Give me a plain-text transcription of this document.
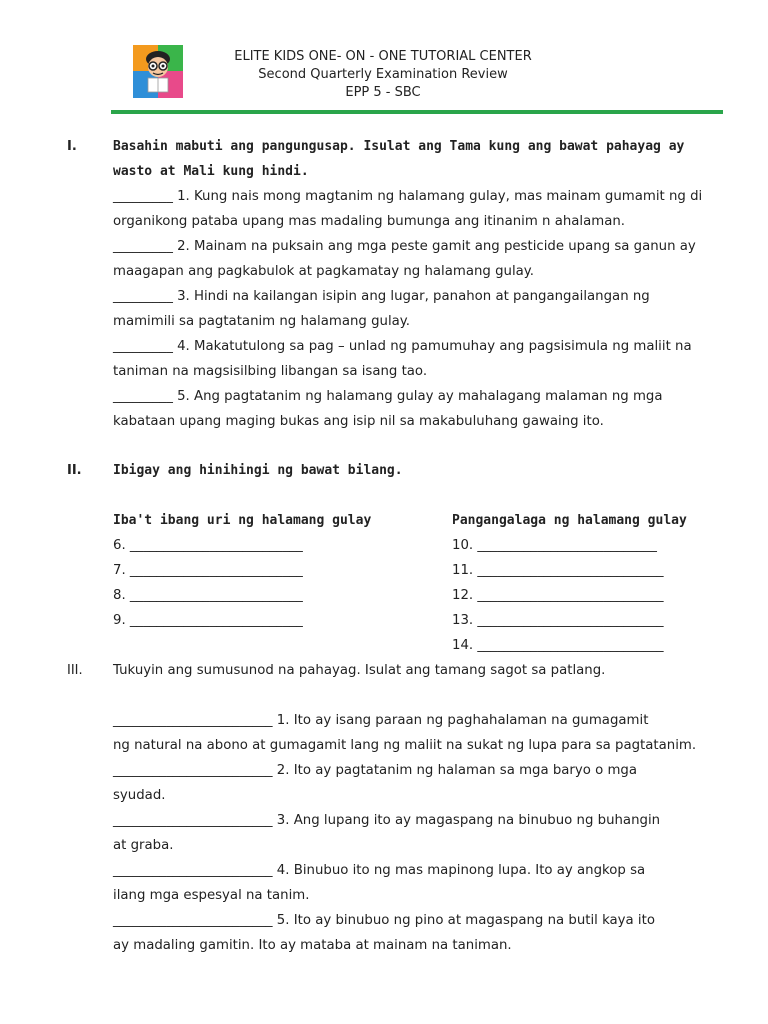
ELITE KIDS ONE- ON - ONE TUTORIAL CENTER
Second Quarterly Examination Review
EPP 5 - SBC
I.	Basahin mabuti ang pangungusap. Isulat ang Tama kung ang bawat pahayag ay
wasto at Mali kung hindi.
_________ 1. Kung nais mong magtanim ng halamang gulay, mas mainam gumamit ng di
organikong pataba upang mas madaling bumunga ang itinanim n ahalaman.
_________ 2. Mainam na puksain ang mga peste gamit ang pesticide upang sa ganun ay
maagapan ang pagkabulok at pagkamatay ng halamang gulay.
_________ 3. Hindi na kailangan isipin ang lugar, panahon at pangangailangan ng
mamimili sa pagtatanim ng halamang gulay.
_________ 4. Makatutulong sa pag – unlad ng pamumuhay ang pagsisimula ng maliit na
taniman na magsisilbing libangan sa isang tao.
_________ 5. Ang pagtatanim ng halamang gulay ay mahalagang malaman ng mga
kabataan upang maging bukas ang isip nil sa makabuluhang gawaing ito.
II. Ibigay ang hinihingi ng bawat bilang.
Iba't ibang uri ng halamang gulay	Pangangalaga ng halamang gulay
6. __________________________
7. __________________________
8. __________________________
9. __________________________
10. ___________________________
11. ____________________________
12. ____________________________
13. ____________________________
14. ____________________________
III. Tukuyin ang sumusunod na pahayag. Isulat ang tamang sagot sa patlang.
________________________ 1. Ito ay isang paraan ng paghahalaman na gumagamit
ng natural na abono at gumagamit lang ng maliit na sukat ng lupa para sa pagtatanim.
________________________ 2. Ito ay pagtatanim ng halaman sa mga baryo o mga
syudad.
________________________ 3. Ang lupang ito ay magaspang na binubuo ng buhangin
at graba.
________________________ 4. Binubuo ito ng mas mapinong lupa. Ito ay angkop sa
ilang mga espesyal na tanim.
________________________ 5. Ito ay binubuo ng pino at magaspang na butil kaya ito
ay madaling gamitin. Ito ay mataba at mainam na taniman.
